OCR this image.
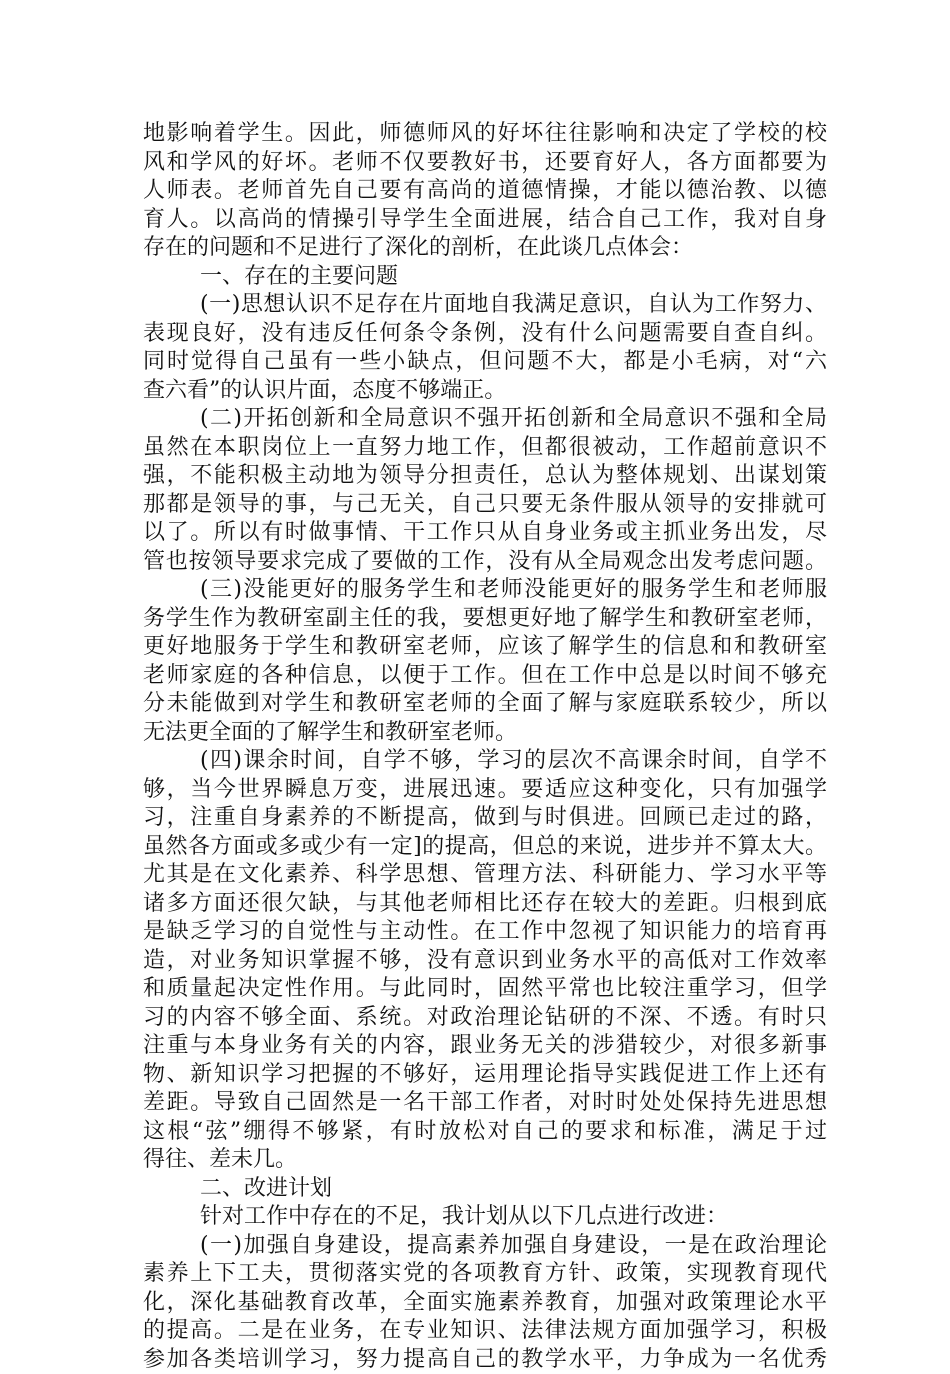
地影响着学生。因此，师德师风的好坏往往影响和决定了学校的校
风和学风的好坏。老师不仅要教好书，还要育好人，各方面都要为
人师表。老师首先自己要有高尚的道德情操，才能以德治教、以德
育人。以高尚的情操引导学生全面进展，结合自己工作，我对自身
存在的问题和不足进行了深化的剖析，在此谈几点体会：
一、存在的主要问题
(一)思想认识不足存在片面地自我满足意识，自认为工作努力、
表现良好，没有违反任何条令条例，没有什么问题需要自查自纠。
同时觉得自己虽有一些小缺点，但问题不大，都是小毛病，对“六
查六看”的认识片面，态度不够端正。
(二)开拓创新和全局意识不强开拓创新和全局意识不强和全局
虽然在本职岗位上一直努力地工作，但都很被动，工作超前意识不
强，不能积极主动地为领导分担责任，总认为整体规划、出谋划策
那都是领导的事，与己无关，自己只要无条件服从领导的安排就可
以了。所以有时做事情、干工作只从自身业务或主抓业务出发，尽
管也按领导要求完成了要做的工作，没有从全局观念出发考虑问题。
(三)没能更好的服务学生和老师没能更好的服务学生和老师服
务学生作为教研室副主任的我，要想更好地了解学生和教研室老师，
更好地服务于学生和教研室老师，应该了解学生的信息和和教研室
老师家庭的各种信息，以便于工作。但在工作中总是以时间不够充
分未能做到对学生和教研室老师的全面了解与家庭联系较少，所以
无法更全面的了解学生和教研室老师。
(四)课余时间，自学不够，学习的层次不高课余时间，自学不
够，当今世界瞬息万变，进展迅速。要适应这种变化，只有加强学
习，注重自身素养的不断提高，做到与时俱进。回顾已走过的路，
虽然各方面或多或少有一定]的提高，但总的来说，进步并不算太大。
尤其是在文化素养、科学思想、管理方法、科研能力、学习水平等
诸多方面还很欠缺，与其他老师相比还存在较大的差距。归根到底
是缺乏学习的自觉性与主动性。在工作中忽视了知识能力的培育再
造，对业务知识掌握不够，没有意识到业务水平的高低对工作效率
和质量起决定性作用。与此同时，固然平常也比较注重学习，但学
习的内容不够全面、系统。对政治理论钻研的不深、不透。有时只
注重与本身业务有关的内容，跟业务无关的涉猎较少，对很多新事
物、新知识学习把握的不够好，运用理论指导实践促进工作上还有
差距。导致自己固然是一名干部工作者，对时时处处保持先进思想
这根“弦”绷得不够紧，有时放松对自己的要求和标准，满足于过
得往、差未几。
二、改进计划
针对工作中存在的不足，我计划从以下几点进行改进：
(一)加强自身建设，提高素养加强自身建设，一是在政治理论
素养上下工夫，贯彻落实党的各项教育方针、政策，实现教育现代
化，深化基础教育改革，全面实施素养教育，加强对政策理论水平
的提高。二是在业务，在专业知识、法律法规方面加强学习，积极
参加各类培训学习，努力提高自己的教学水平，力争成为一名优秀
